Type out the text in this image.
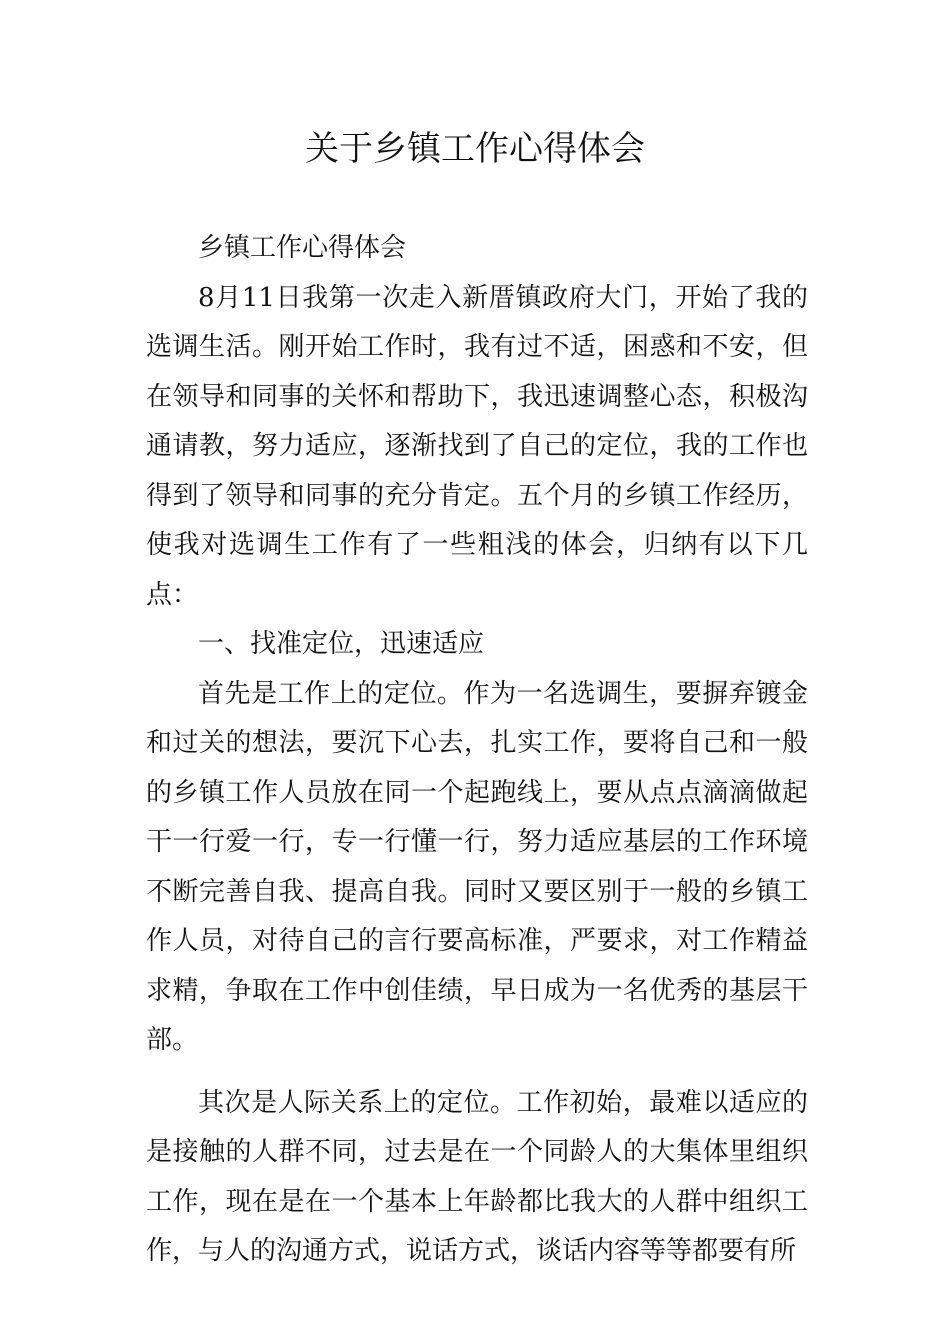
关于乡镇工作心得体会

乡镇工作心得体会

8月11日我第一次走入新厝镇政府大门，开始了我的选调生活。刚开始工作时，我有过不适，困惑和不安，但在领导和同事的关怀和帮助下，我迅速调整心态，积极沟通请教，努力适应，逐渐找到了自己的定位，我的工作也得到了领导和同事的充分肯定。五个月的乡镇工作经历，使我对选调生工作有了一些粗浅的体会，归纳有以下几点：

一、找准定位，迅速适应

首先是工作上的定位。作为一名选调生，要摒弃镀金和过关的想法，要沉下心去，扎实工作，要将自己和一般的乡镇工作人员放在同一个起跑线上，要从点点滴滴做起干一行爱一行，专一行懂一行，努力适应基层的工作环境不断完善自我、提高自我。同时又要区别于一般的乡镇工作人员，对待自己的言行要高标准，严要求，对工作精益求精，争取在工作中创佳绩，早日成为一名优秀的基层干部。

其次是人际关系上的定位。工作初始，最难以适应的是接触的人群不同，过去是在一个同龄人的大集体里组织工作，现在是在一个基本上年龄都比我大的人群中组织工作，与人的沟通方式，说话方式，谈话内容等等都要有所
